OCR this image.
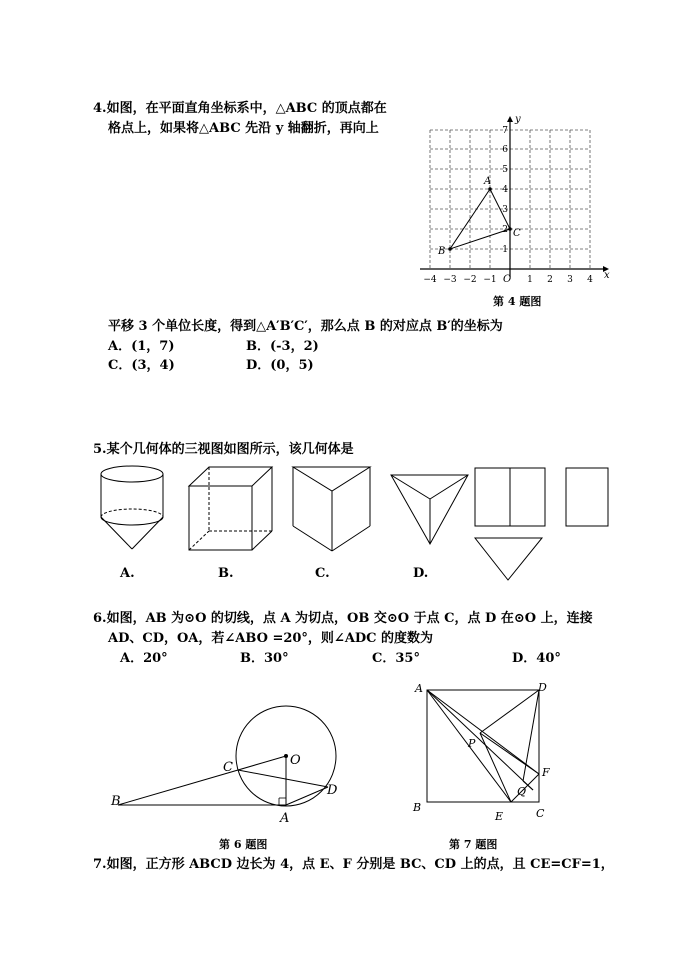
4.如图，在平面直角坐标系中，△ABC 的顶点都在
格点上，如果将△ABC 先沿 y 轴翻折，再向上
A
B
C
O	x
y
−4 −3 −2 −1	1 2 3 4
1
2
3
4
5
6
7
第 4 题图
平移 3 个单位长度，得到△A′B′C′，那么点 B 的对应点 B′的坐标为
A．(1，7)	B．(-3，2)
C．(3，4)	D．(0，5)
5.某个几何体的三视图如图所示，该几何体是
A.	B.	C.	D.
6.如图，AB 为⊙O 的切线，点 A 为切点，OB 交⊙O 于点 C，点 D 在⊙O 上，连接
AD、CD，OA，若∠ABO =20°，则∠ADC 的度数为
A．20°	B．30°	C．35°	D．40°
O
C
D
B
A
第 6 题图
A	D
P
F
Q
B
E	C
第 7 题图
7.如图，正方形 ABCD 边长为 4，点 E、F 分别是 BC、CD 上的点，且 CE=CF=1，
